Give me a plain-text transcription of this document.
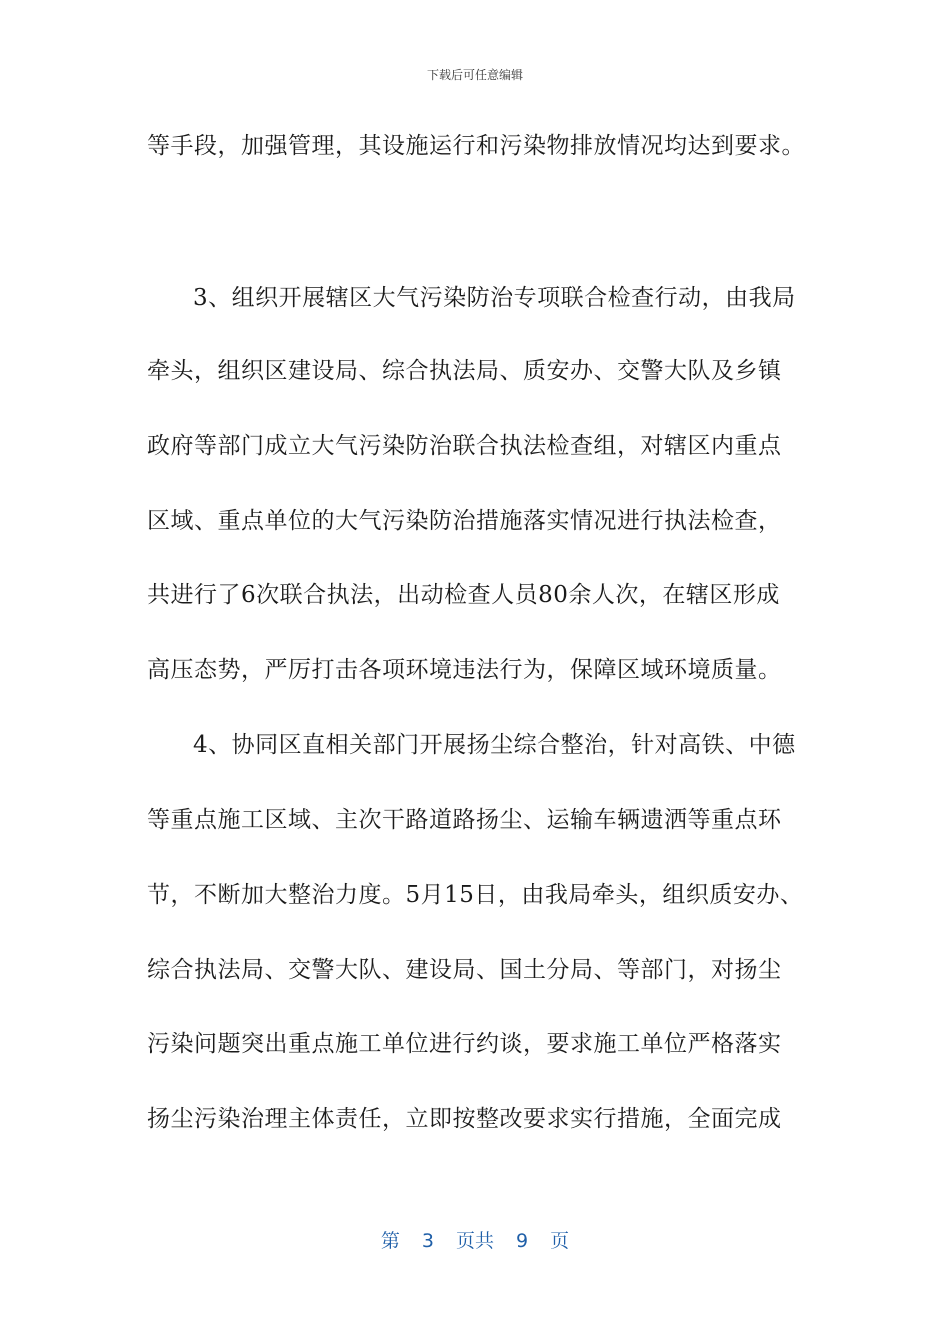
下载后可任意编辑
等手段，加强管理，其设施运行和污染物排放情况均达到要求。
3、组织开展辖区大气污染防治专项联合检查行动，由我局
牵头，组织区建设局、综合执法局、质安办、交警大队及乡镇
政府等部门成立大气污染防治联合执法检查组，对辖区内重点
区域、重点单位的大气污染防治措施落实情况进行执法检查，
共进行了6次联合执法，出动检查人员80余人次，在辖区形成
高压态势，严厉打击各项环境违法行为，保障区域环境质量。
4、协同区直相关部门开展扬尘综合整治，针对高铁、中德
等重点施工区域、主次干路道路扬尘、运输车辆遗洒等重点环
节，不断加大整治力度。5月15日，由我局牵头，组织质安办、
综合执法局、交警大队、建设局、国土分局、等部门，对扬尘
污染问题突出重点施工单位进行约谈，要求施工单位严格落实
扬尘污染治理主体责任，立即按整改要求实行措施，全面完成
第 3 页共 9 页
